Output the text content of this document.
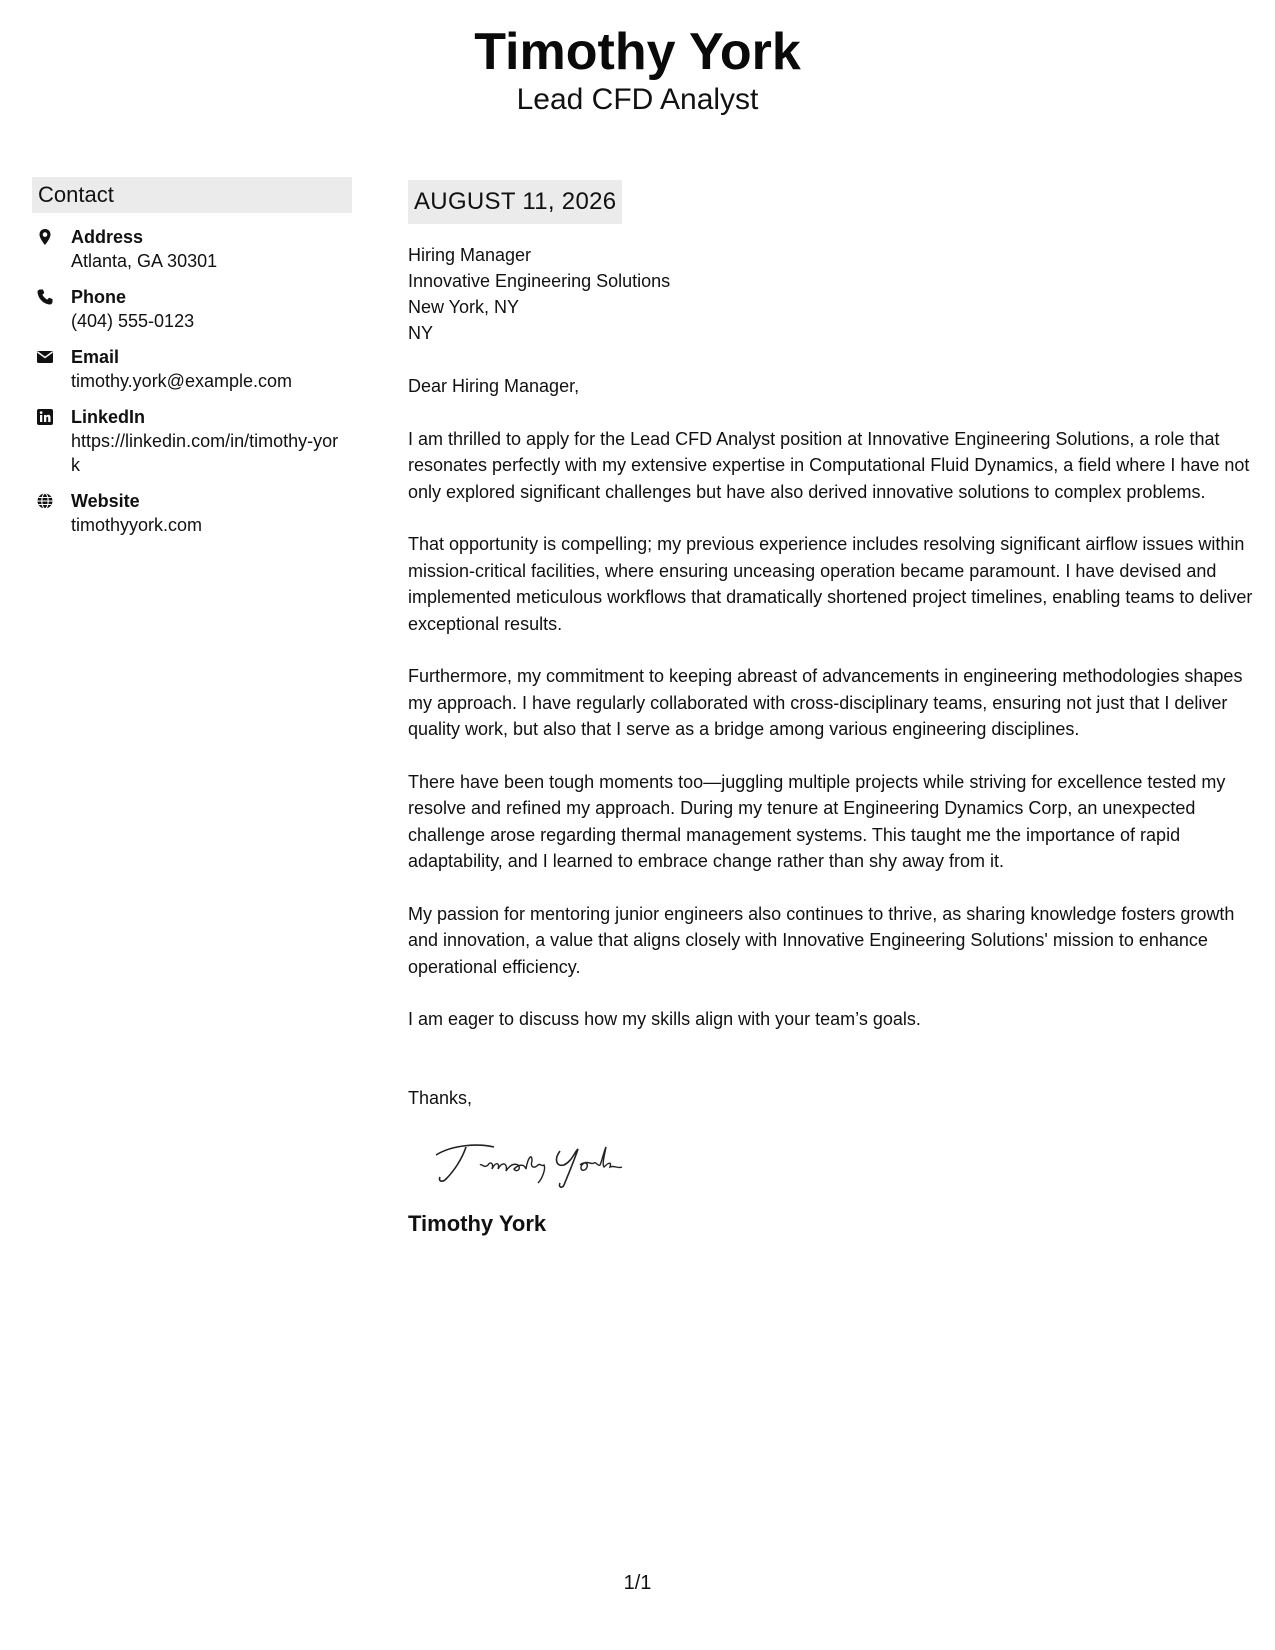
Timothy York
Lead CFD Analyst
Contact
Address
Atlanta, GA 30301
Phone
(404) 555-0123
Email
timothy.york@example.com
LinkedIn
https://linkedin.com/in/timothy-york
Website
timothyyork.com
AUGUST 11, 2026
Hiring Manager
Innovative Engineering Solutions
New York, NY
NY
Dear Hiring Manager,
I am thrilled to apply for the Lead CFD Analyst position at Innovative Engineering Solutions, a role that resonates perfectly with my extensive expertise in Computational Fluid Dynamics, a field where I have not only explored significant challenges but have also derived innovative solutions to complex problems.
That opportunity is compelling; my previous experience includes resolving significant airflow issues within mission-critical facilities, where ensuring unceasing operation became paramount. I have devised and implemented meticulous workflows that dramatically shortened project timelines, enabling teams to deliver exceptional results.
Furthermore, my commitment to keeping abreast of advancements in engineering methodologies shapes my approach. I have regularly collaborated with cross-disciplinary teams, ensuring not just that I deliver quality work, but also that I serve as a bridge among various engineering disciplines.
There have been tough moments too—juggling multiple projects while striving for excellence tested my resolve and refined my approach. During my tenure at Engineering Dynamics Corp, an unexpected challenge arose regarding thermal management systems. This taught me the importance of rapid adaptability, and I learned to embrace change rather than shy away from it.
My passion for mentoring junior engineers also continues to thrive, as sharing knowledge fosters growth and innovation, a value that aligns closely with Innovative Engineering Solutions' mission to enhance operational efficiency.
I am eager to discuss how my skills align with your team’s goals.
Thanks,
Timothy York
1/1
